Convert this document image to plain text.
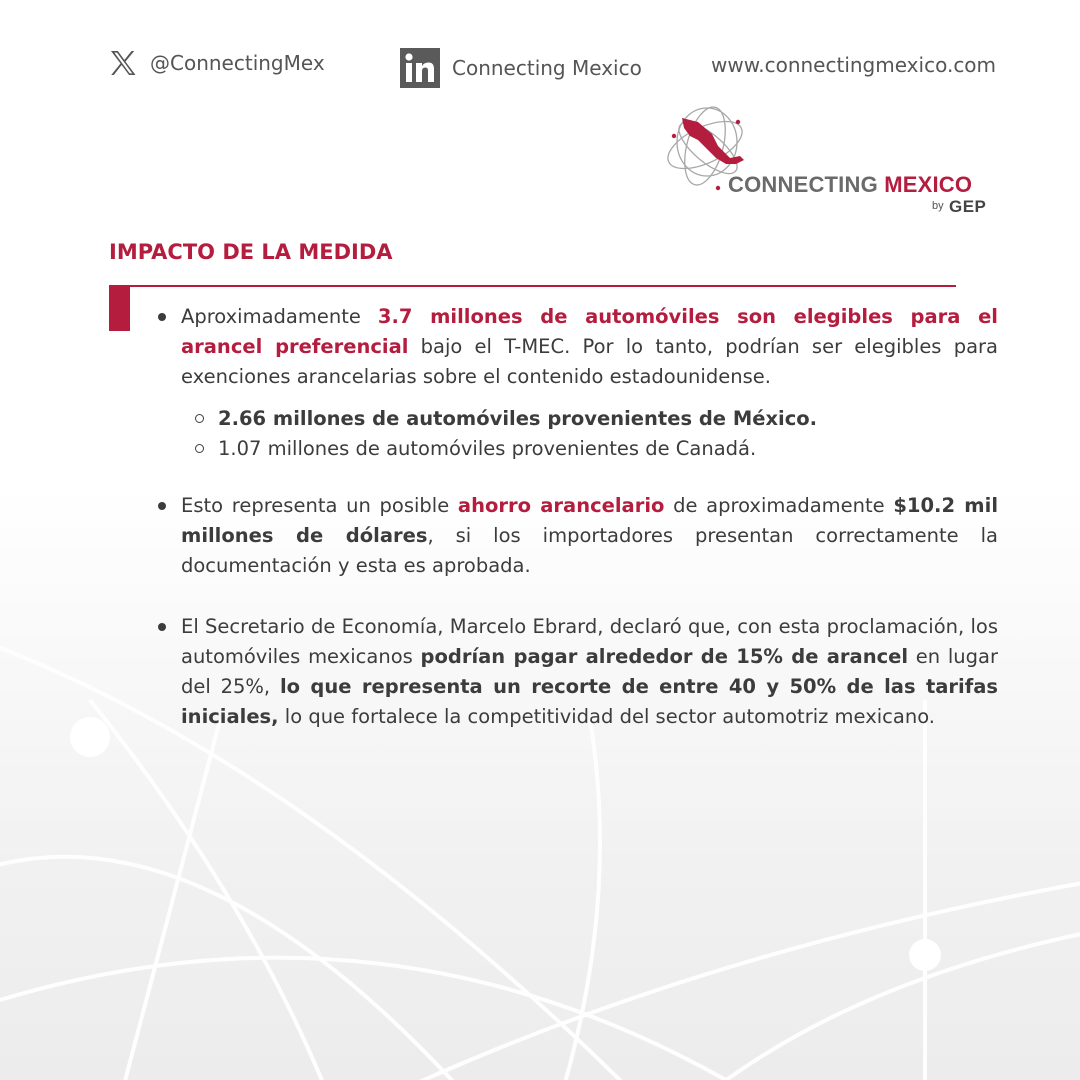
@ConnectingMex	Connecting Mexico	www.connectingmexico.com
CONNECTING MEXICO
by GEP
IMPACTO DE LA MEDIDA
Aproximadamente 3.7 millones de automóviles son elegibles para el arancel preferencial bajo el T-MEC. Por lo tanto, podrían ser elegibles para exenciones arancelarias sobre el contenido estadounidense.
2.66 millones de automóviles provenientes de México.
1.07 millones de automóviles provenientes de Canadá.
Esto representa un posible ahorro arancelario de aproximadamente $10.2 mil millones de dólares, si los importadores presentan correctamente la documentación y esta es aprobada.
El Secretario de Economía, Marcelo Ebrard, declaró que, con esta proclamación, los automóviles mexicanos podrían pagar alrededor de 15% de arancel en lugar del 25%, lo que representa un recorte de entre 40 y 50% de las tarifas iniciales, lo que fortalece la competitividad del sector automotriz mexicano.
